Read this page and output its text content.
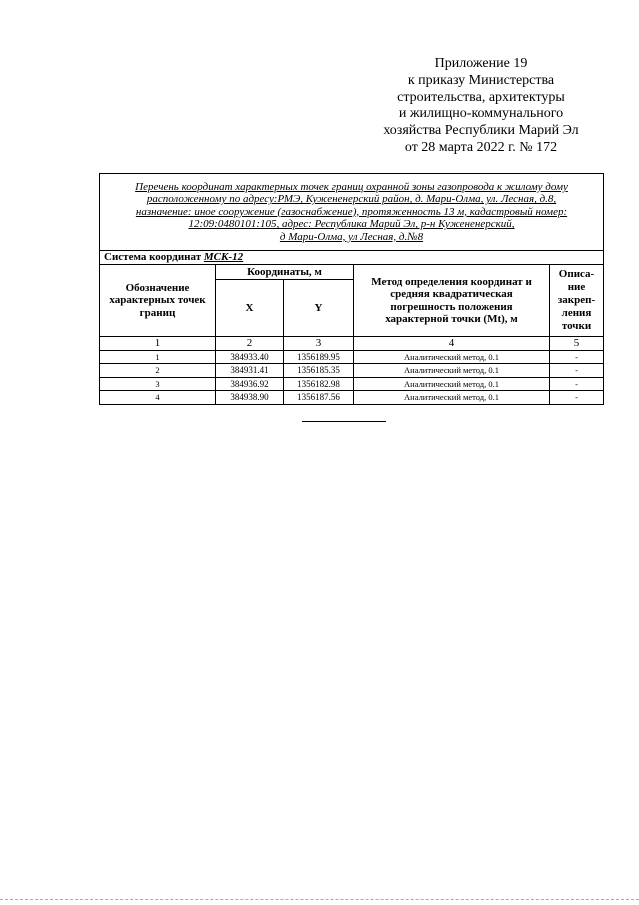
Приложение 19
к приказу Министерства
строительства, архитектуры
и жилищно-коммунального
хозяйства Республики Марий Эл
от 28 марта 2022 г. № 172
Перечень координат характерных точек границ охранной зоны газопровода к жилому дому
расположенному по адресу:РМЭ, Кужененерский район, д. Мари-Олма, ул. Лесная, д.8,
назначение: иное сооружение (газоснабжение), протяженность 13 м, кадастровый номер:
12:09:0480101:105, адрес: Республика Марий Эл, р-н Кужененерский,
д Мари-Олма, ул Лесная, д.№8				

Система координат МСК-12				
Обозначение характерных точек границ	Координаты, м		Метод определения координат и средняя квадратическая погрешность положения характерной точки (Mt), м	Описа-
ние
закреп-
ления
точки

	X	Y		
1	2	3	4	5
1	384933.40	1356189.95	Аналитический метод, 0.1	-
2	384931.41	1356185.35	Аналитический метод, 0.1	-
3	384936.92	1356182.98	Аналитический метод, 0.1	-
4	384938.90	1356187.56	Аналитический метод, 0.1	-
